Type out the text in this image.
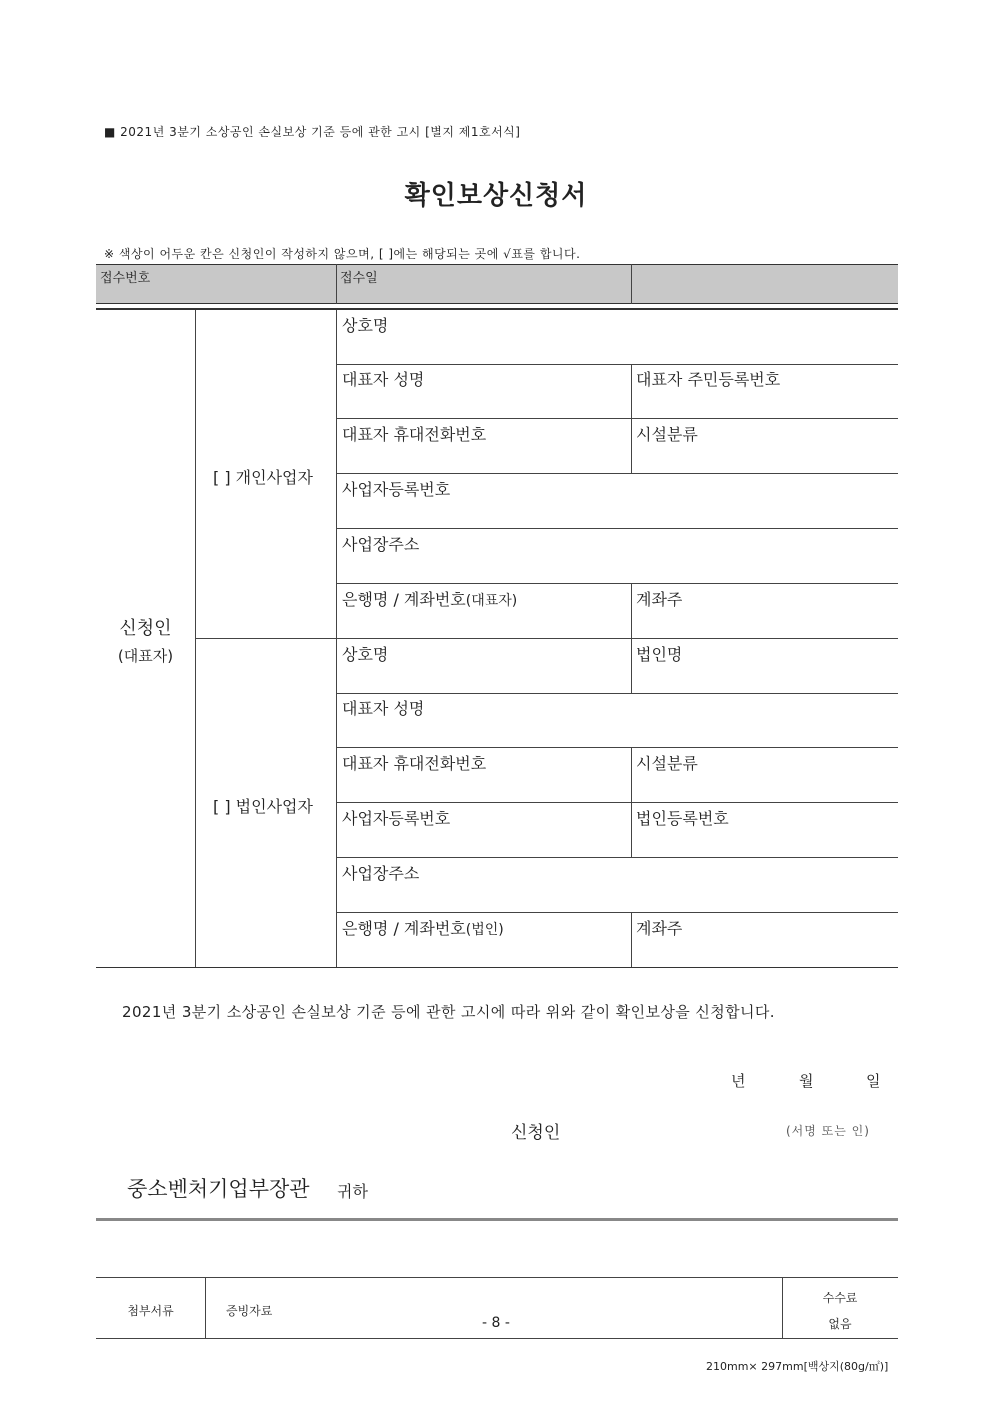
■ 2021년 3분기 소상공인 손실보상 기준 등에 관한 고시 [별지 제1호서식]
확인보상신청서
※ 색상이 어두운 칸은 신청인이 작성하지 않으며, [ ]에는 해당되는 곳에 √표를 합니다.
접수번호	접수일
신청인
(대표자)
[ ] 개인사업자
상호명
대표자 성명	대표자 주민등록번호
대표자 휴대전화번호	시설분류
사업자등록번호
사업장주소
은행명 / 계좌번호(대표자)	계좌주
[ ] 법인사업자
상호명	법인명
대표자 성명
대표자 휴대전화번호	시설분류
사업자등록번호	법인등록번호
사업장주소
은행명 / 계좌번호(법인)	계좌주
2021년 3분기 소상공인 손실보상 기준 등에 관한 고시에 따라 위와 같이 확인보상을 신청합니다.
년	월	일
신청인	(서명 또는 인)
중소벤처기업부장관 귀하
첨부서류	증빙자료
수수료
없음
- 8 -
210mm× 297mm[백상지(80g/㎡)]
